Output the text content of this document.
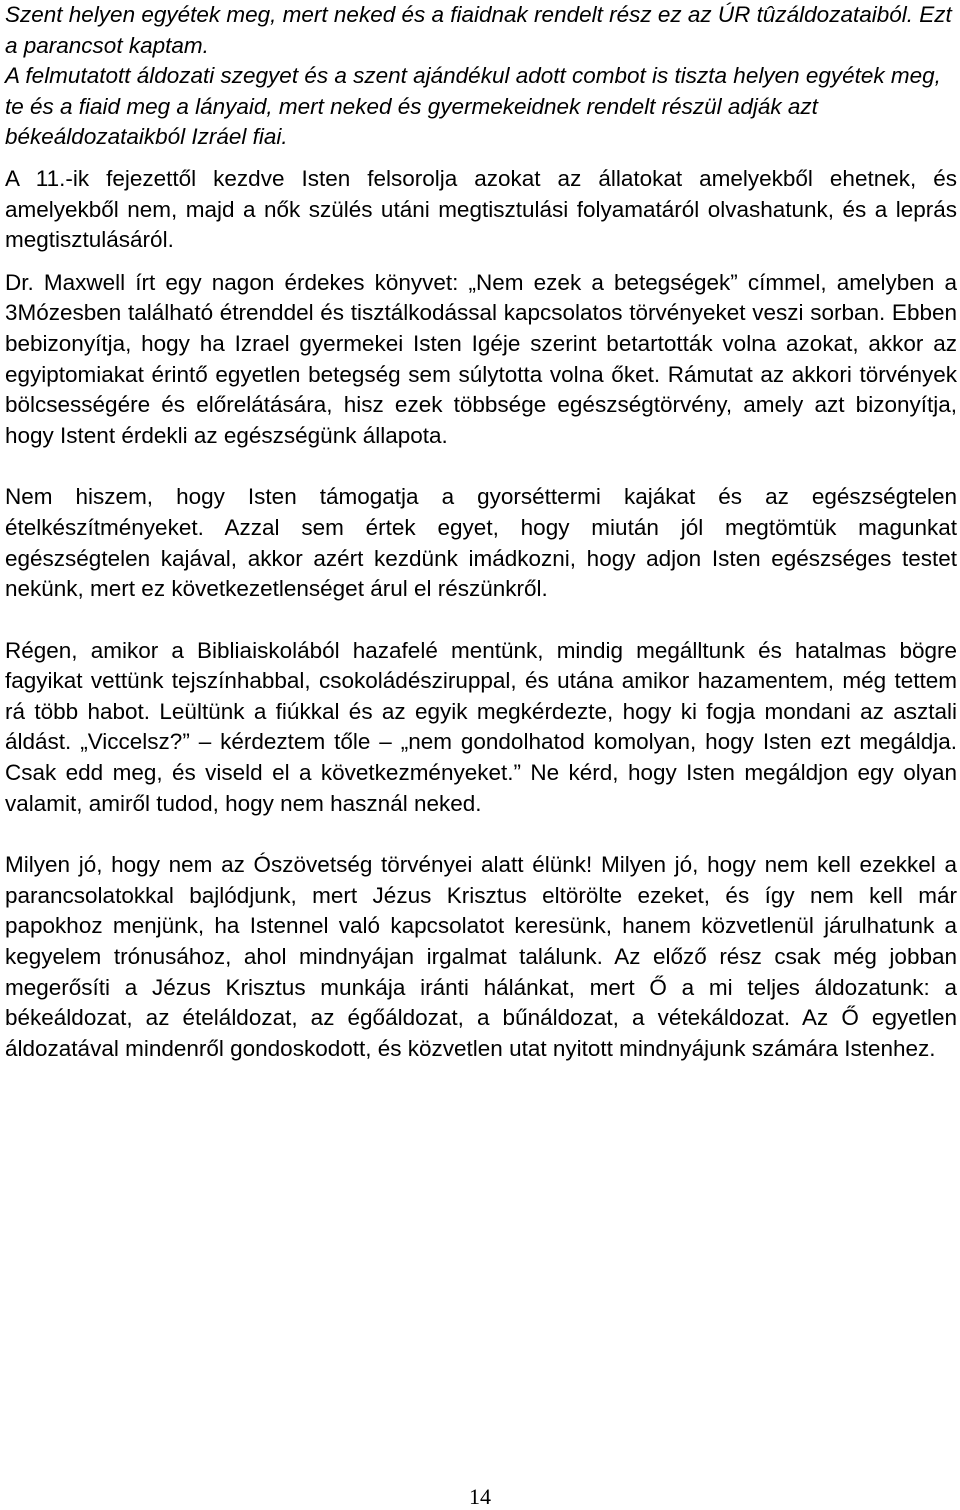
Szent helyen egyétek meg, mert neked és a fiaidnak rendelt rész ez az ÚR tûzáldozataiból. Ezt a parancsot kaptam.

A felmutatott áldozati szegyet és a szent ajándékul adott combot is tiszta helyen egyétek meg, te és a fiaid meg a lányaid, mert neked és gyermekeidnek rendelt részül adják azt békeáldozataikból Izráel fiai.

A 11.-ik fejezettől kezdve Isten felsorolja azokat az állatokat amelyekből ehetnek, és amelyekből nem, majd a nők szülés utáni megtisztulási folyamatáról olvashatunk, és a leprás megtisztulásáról.

Dr. Maxwell írt egy nagon érdekes könyvet: „Nem ezek a betegségek” címmel, amelyben a 3Mózesben található étrenddel és tisztálkodással kapcsolatos törvényeket veszi sorban. Ebben bebizonyítja, hogy ha Izrael gyermekei Isten Igéje szerint betartották volna azokat, akkor az egyiptomiakat érintő egyetlen betegség sem súlytotta volna őket. Rámutat az akkori törvények bölcsességére és előrelátására, hisz ezek többsége egészségtörvény, amely azt bizonyítja, hogy Istent érdekli az egészségünk állapota.

Nem hiszem, hogy Isten támogatja a gyorséttermi kajákat és az egészségtelen ételkészítményeket. Azzal sem értek egyet, hogy miután jól megtömtük magunkat egészségtelen kajával, akkor azért kezdünk imádkozni, hogy adjon Isten egészséges testet nekünk, mert ez következetlenséget árul el részünkről.

Régen, amikor a Bibliaiskolából hazafelé mentünk, mindig megálltunk és hatalmas bögre fagyikat vettünk tejszínhabbal, csokoládésziruppal, és utána amikor hazamentem, még tettem rá több habot. Leültünk a fiúkkal és az egyik megkérdezte, hogy ki fogja mondani az asztali áldást. „Viccelsz?” – kérdeztem tőle – „nem gondolhatod komolyan, hogy Isten ezt megáldja. Csak edd meg, és viseld el a következményeket.” Ne kérd, hogy Isten megáldjon egy olyan valamit, amiről tudod, hogy nem használ neked.

Milyen jó, hogy nem az Ószövetség törvényei alatt élünk! Milyen jó, hogy nem kell ezekkel a parancsolatokkal bajlódjunk, mert Jézus Krisztus eltörölte ezeket, és így nem kell már papokhoz menjünk, ha Istennel való kapcsolatot keresünk, hanem közvetlenül járulhatunk a kegyelem trónusához, ahol mindnyájan irgalmat találunk. Az előző rész csak még jobban megerősíti a Jézus Krisztus munkája iránti hálánkat, mert Ő a mi teljes áldozatunk: a békeáldozat, az ételáldozat, az égőáldozat, a bűnáldozat, a vétekáldozat. Az Ő egyetlen áldozatával mindenről gondoskodott, és közvetlen utat nyitott mindnyájunk számára Istenhez.

14
